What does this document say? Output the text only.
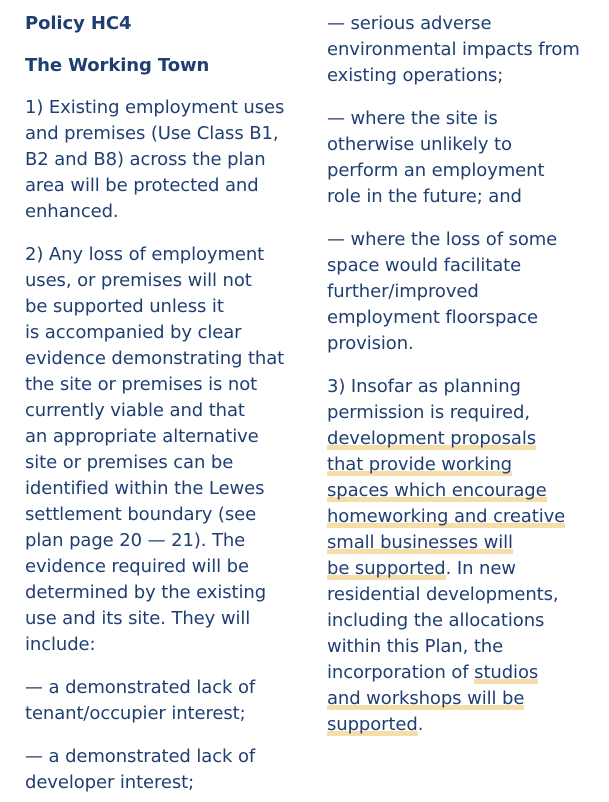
Policy HC4

The Working Town

1) Existing employment uses
and premises (Use Class B1,
B2 and B8) across the plan
area will be protected and
enhanced.

2) Any loss of employment
uses, or premises will not
be supported unless it
is accompanied by clear
evidence demonstrating that
the site or premises is not
currently viable and that
an appropriate alternative
site or premises can be
identified within the Lewes
settlement boundary (see
plan page 20 — 21). The
evidence required will be
determined by the existing
use and its site. They will
include:

— a demonstrated lack of
tenant/occupier interest;

— a demonstrated lack of
developer interest;

— serious adverse
environmental impacts from
existing operations;

— where the site is
otherwise unlikely to
perform an employment
role in the future; and

— where the loss of some
space would facilitate
further/improved
employment floorspace
provision.

3) Insofar as planning
permission is required,
development proposals
that provide working
spaces which encourage
homeworking and creative
small businesses will
be supported. In new
residential developments,
including the allocations
within this Plan, the
incorporation of studios
and workshops will be
supported.
